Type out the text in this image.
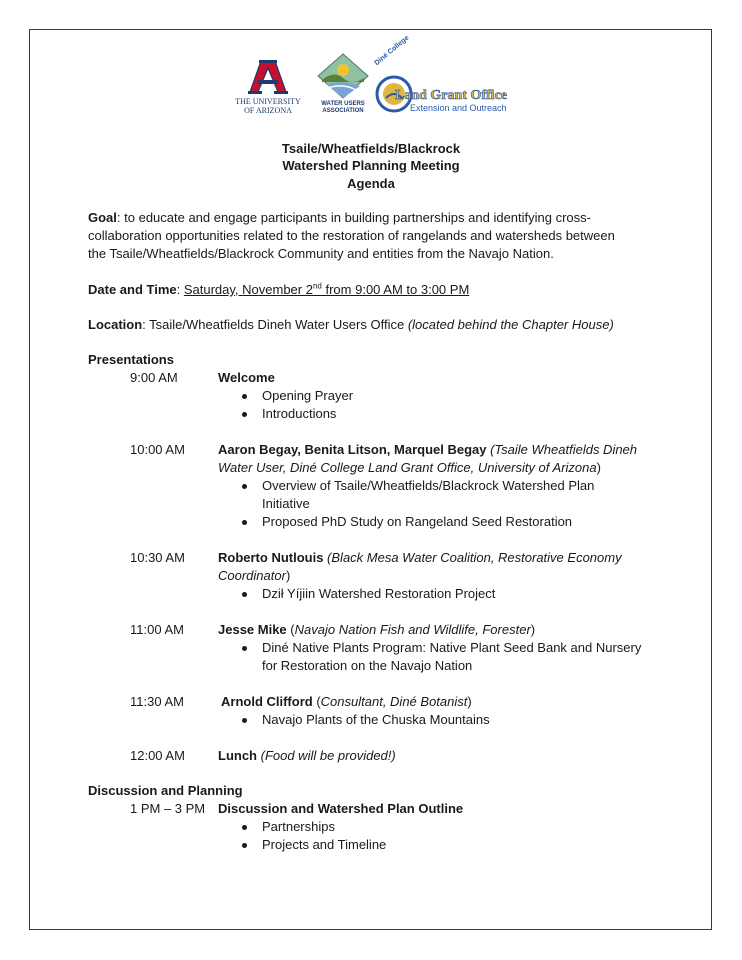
THE UNIVERSITY
OF ARIZONA
WATER USERS
ASSOCIATION
Diné College
Land Grant Office
Extension and Outreach
Tsaile/Wheatfields/Blackrock
Watershed Planning Meeting
Agenda
Goal: to educate and engage participants in building partnerships and identifying cross-
collaboration opportunities related to the restoration of rangelands and watersheds between
the Tsaile/Wheatfields/Blackrock Community and entities from the Navajo Nation.
Date and Time: Saturday, November 2nd from 9:00 AM to 3:00 PM
Location: Tsaile/Wheatfields Dineh Water Users Office (located behind the Chapter House)
Presentations
9:00 AM	Welcome
Opening Prayer
Introductions
10:00 AM	Aaron Begay, Benita Litson, Marquel Begay (Tsaile Wheatfields Dineh
Water User, Diné College Land Grant Office, University of Arizona)
Overview of Tsaile/Wheatfields/Blackrock Watershed Plan
Initiative
Proposed PhD Study on Rangeland Seed Restoration
10:30 AM	Roberto Nutlouis (Black Mesa Water Coalition, Restorative Economy
Coordinator)
Dził Yíjiin Watershed Restoration Project
11:00 AM	Jesse Mike (Navajo Nation Fish and Wildlife, Forester)
Diné Native Plants Program: Native Plant Seed Bank and Nursery
for Restoration on the Navajo Nation
11:30 AM	Arnold Clifford (Consultant, Diné Botanist)
Navajo Plants of the Chuska Mountains
12:00 AM	Lunch (Food will be provided!)
Discussion and Planning
1 PM – 3 PM Discussion and Watershed Plan Outline
Partnerships
Projects and Timeline
